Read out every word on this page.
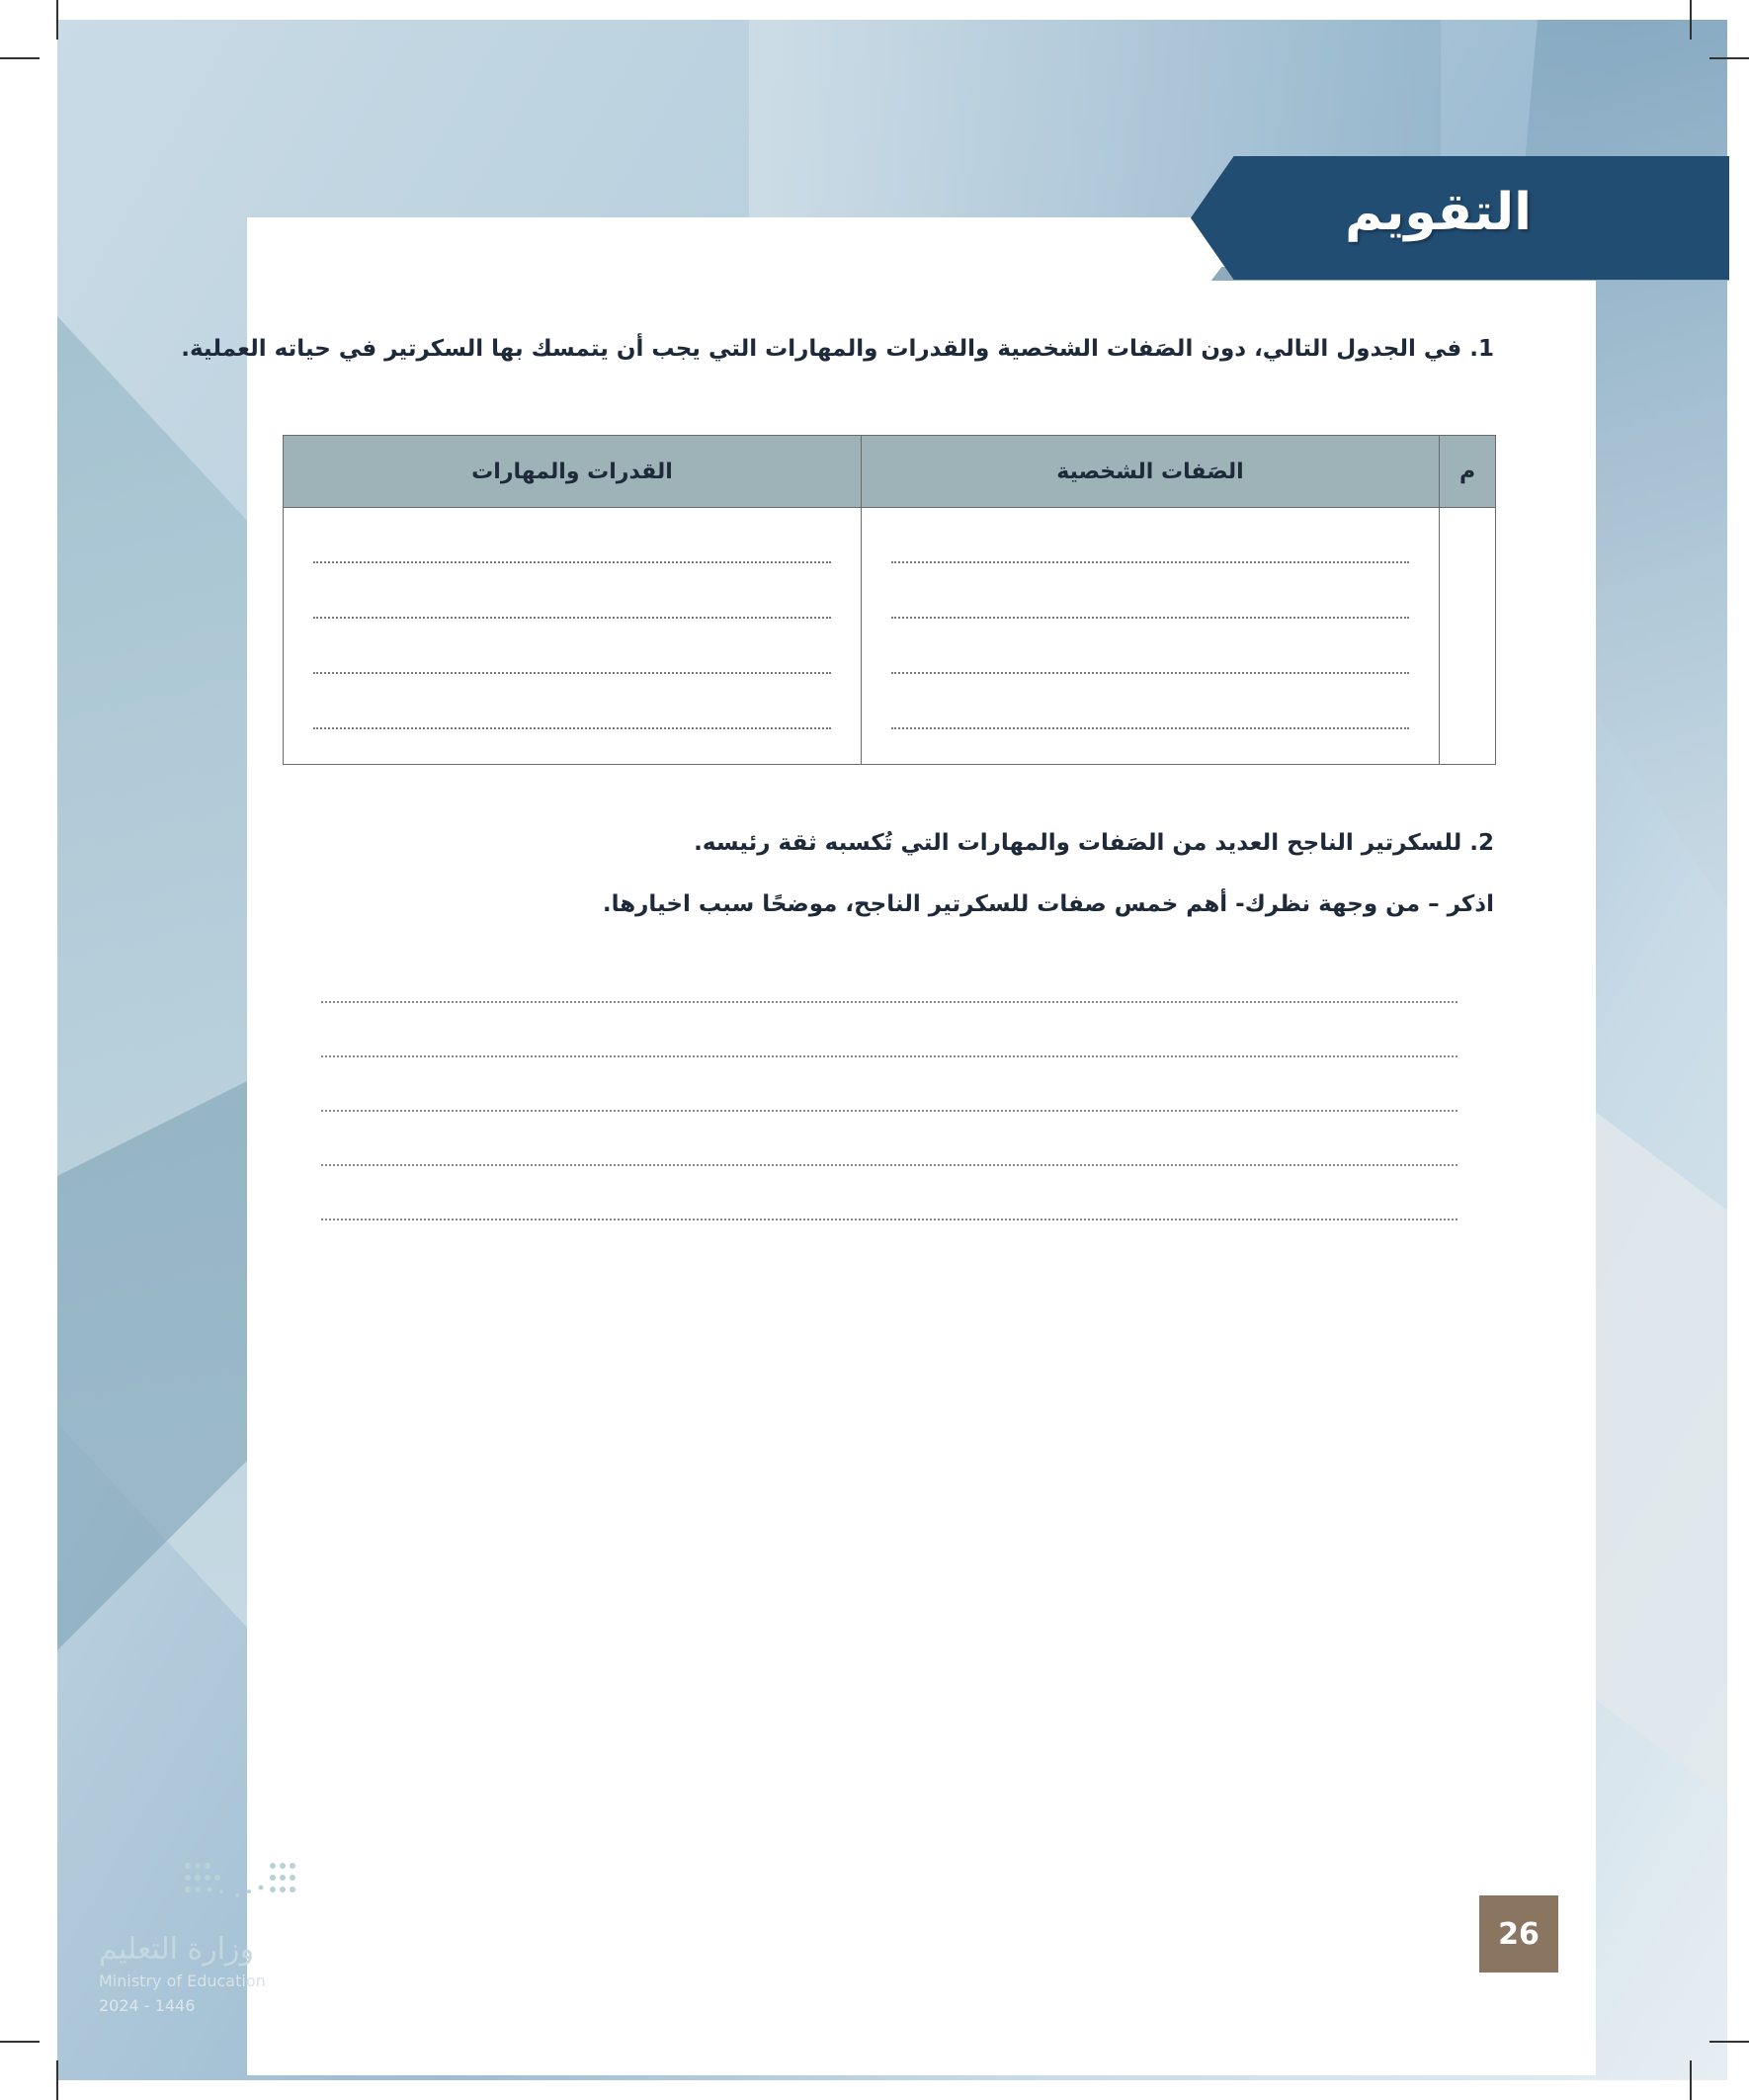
التقويم
1. في الجدول التالي، دون الصَفات الشخصية والقدرات والمهارات التي يجب أن يتمسك بها السكرتير في حياته العملية.
م	الصَفات الشخصية	القدرات والمهارات

2. للسكرتير الناجح العديد من الصَفات والمهارات التي تُكسبه ثقة رئيسه.
اذكر – من وجهة نظرك- أهم خمس صفات للسكرتير الناجح، موضحًا سبب اخيارها.
وزارة التعليم
Ministry of Education
2024 - 1446
26
